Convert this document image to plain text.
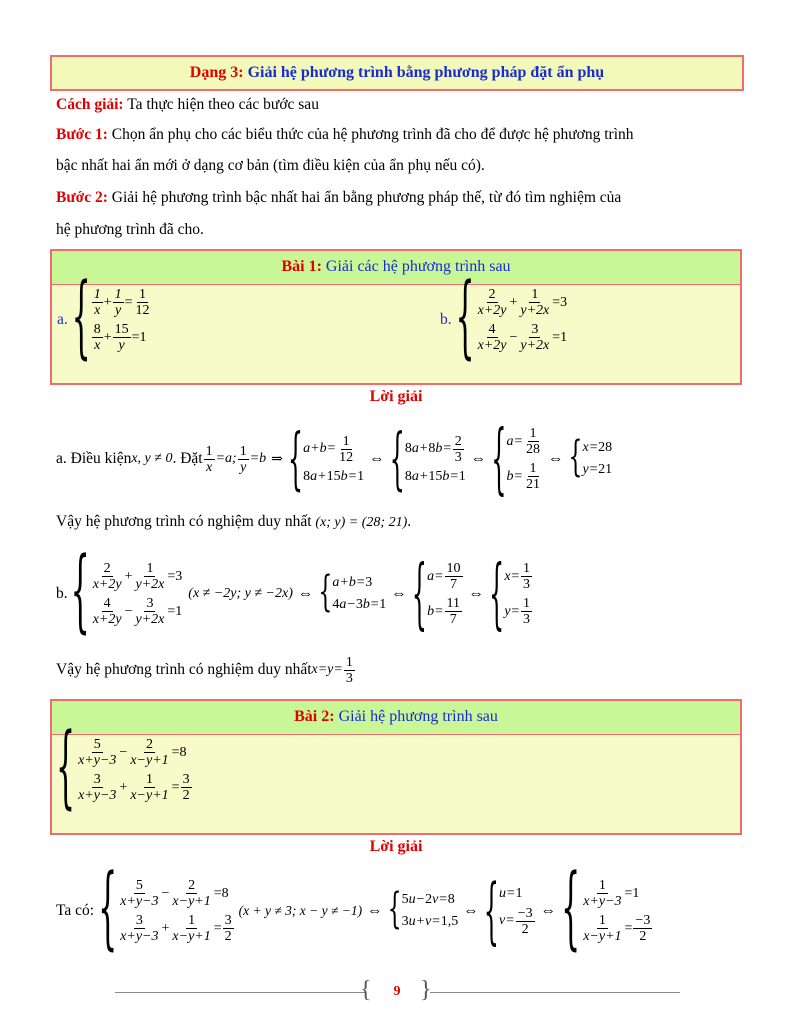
Dạng 3: Giải hệ phương trình bằng phương pháp đặt ẩn phụ
Cách giải: Ta thực hiện theo các bước sau
Bước 1: Chọn ẩn phụ cho các biểu thức của hệ phương trình đã cho để được hệ phương trình
bậc nhất hai ẩn mới ở dạng cơ bản (tìm điều kiện của ẩn phụ nếu có).
Bước 2: Giải hệ phương trình bậc nhất hai ẩn bằng phương pháp thế, từ đó tìm nghiệm của
hệ phương trình đã cho.
Bài 1: Giải các hệ phương trình sau
a. { $\frac{1}{x} + \frac{1}{y} = \frac{1}{12}$
$\frac{8}{x} + \frac{15}{y} =1$
b. { $\frac{2}{x+2y} + \frac{1}{y+2x} =3$
$\frac{4}{x+2y} - \frac{3}{y+2x} =1$
Lời giải
a. Điều kiện x, y ≠ 0 . Đặt $\frac{1}{x} =a$; $\frac{1}{y} =b$ ⇒ { $a+b= \frac{1}{12}$
8 a+ 15 b= 1
⇔ { 8 a+ 8 $b= \frac{2}{3}$
8 a+ 15 b= 1
⇔ { $a= \frac{1}{28}$
$b= \frac{1}{21}$
⇔ { x= 28
y= 21
Vậy hệ phương trình có nghiệm duy nhất (x; y) = (28; 21).
b. { $\frac{2}{x+2y} + \frac{1}{y+2x} =3$
$\frac{4}{x+2y} - \frac{3}{y+2x} =1$
(x ≠ −2y; y ≠ −2x) ⇔ { a+b= 3
4 a− 3 b= 1
⇔ { $a= \frac{10}{7}$
$b= \frac{11}{7}$
⇔ { $x= \frac{1}{3}$
$y= \frac{1}{3}$
Vậy hệ phương trình có nghiệm duy nhất $x=y= \frac{1}{3}$
Bài 2: Giải hệ phương trình sau
{ $\frac{5}{x+y-3} - \frac{2}{x-y+1} =8$
$\frac{3}{x+y-3} + \frac{1}{x-y+1} = \frac{3}{2}$
Lời giải
Ta có: { $\frac{5}{x+y-3} - \frac{2}{x-y+1} =8$
$\frac{3}{x+y-3} + \frac{1}{x-y+1} = \frac{3}{2}$
(x + y ≠ 3; x − y ≠ −1) ⇔ { 5 u− 2 v= 8
3 u+v= 1,5
⇔ { u= 1
$v= \frac{-3}{2}$ ⇔ { $\frac{1}{x+y-3} =1$
$\frac{1}{x-y+1} = \frac{-3}{2}$
{ }
9
